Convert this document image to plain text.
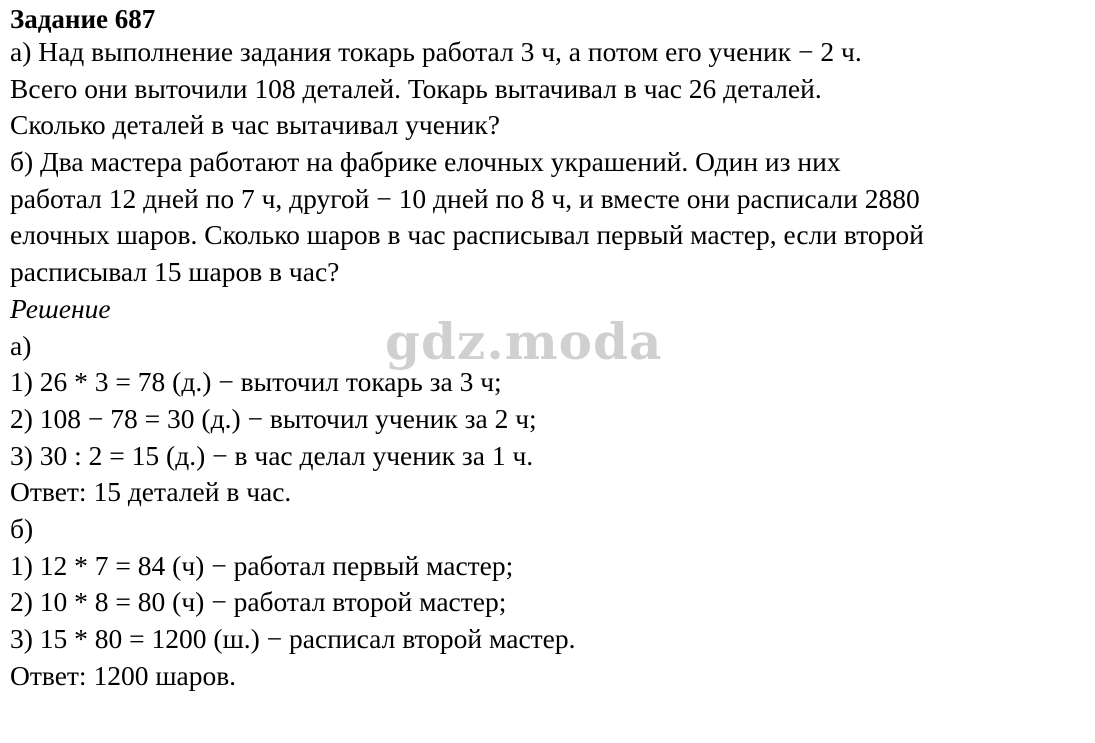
Задание 687
а) Над выполнение задания токарь работал 3 ч, а потом его ученик − 2 ч.
Всего они выточили 108 деталей. Токарь вытачивал в час 26 деталей.
Сколько деталей в час вытачивал ученик?
б) Два мастера работают на фабрике елочных украшений. Один из них
работал 12 дней по 7 ч, другой − 10 дней по 8 ч, и вместе они расписали 2880
елочных шаров. Сколько шаров в час расписывал первый мастер, если второй
расписывал 15 шаров в час?
Решение
а)
1) 26 * 3 = 78 (д.) − выточил токарь за 3 ч;
2) 108 − 78 = 30 (д.) − выточил ученик за 2 ч;
3) 30 : 2 = 15 (д.) − в час делал ученик за 1 ч.
Ответ: 15 деталей в час.
б)
1) 12 * 7 = 84 (ч) − работал первый мастер;
2) 10 * 8 = 80 (ч) − работал второй мастер;
3) 15 * 80 = 1200 (ш.) − расписал второй мастер.
Ответ: 1200 шаров.
gdz.moda
